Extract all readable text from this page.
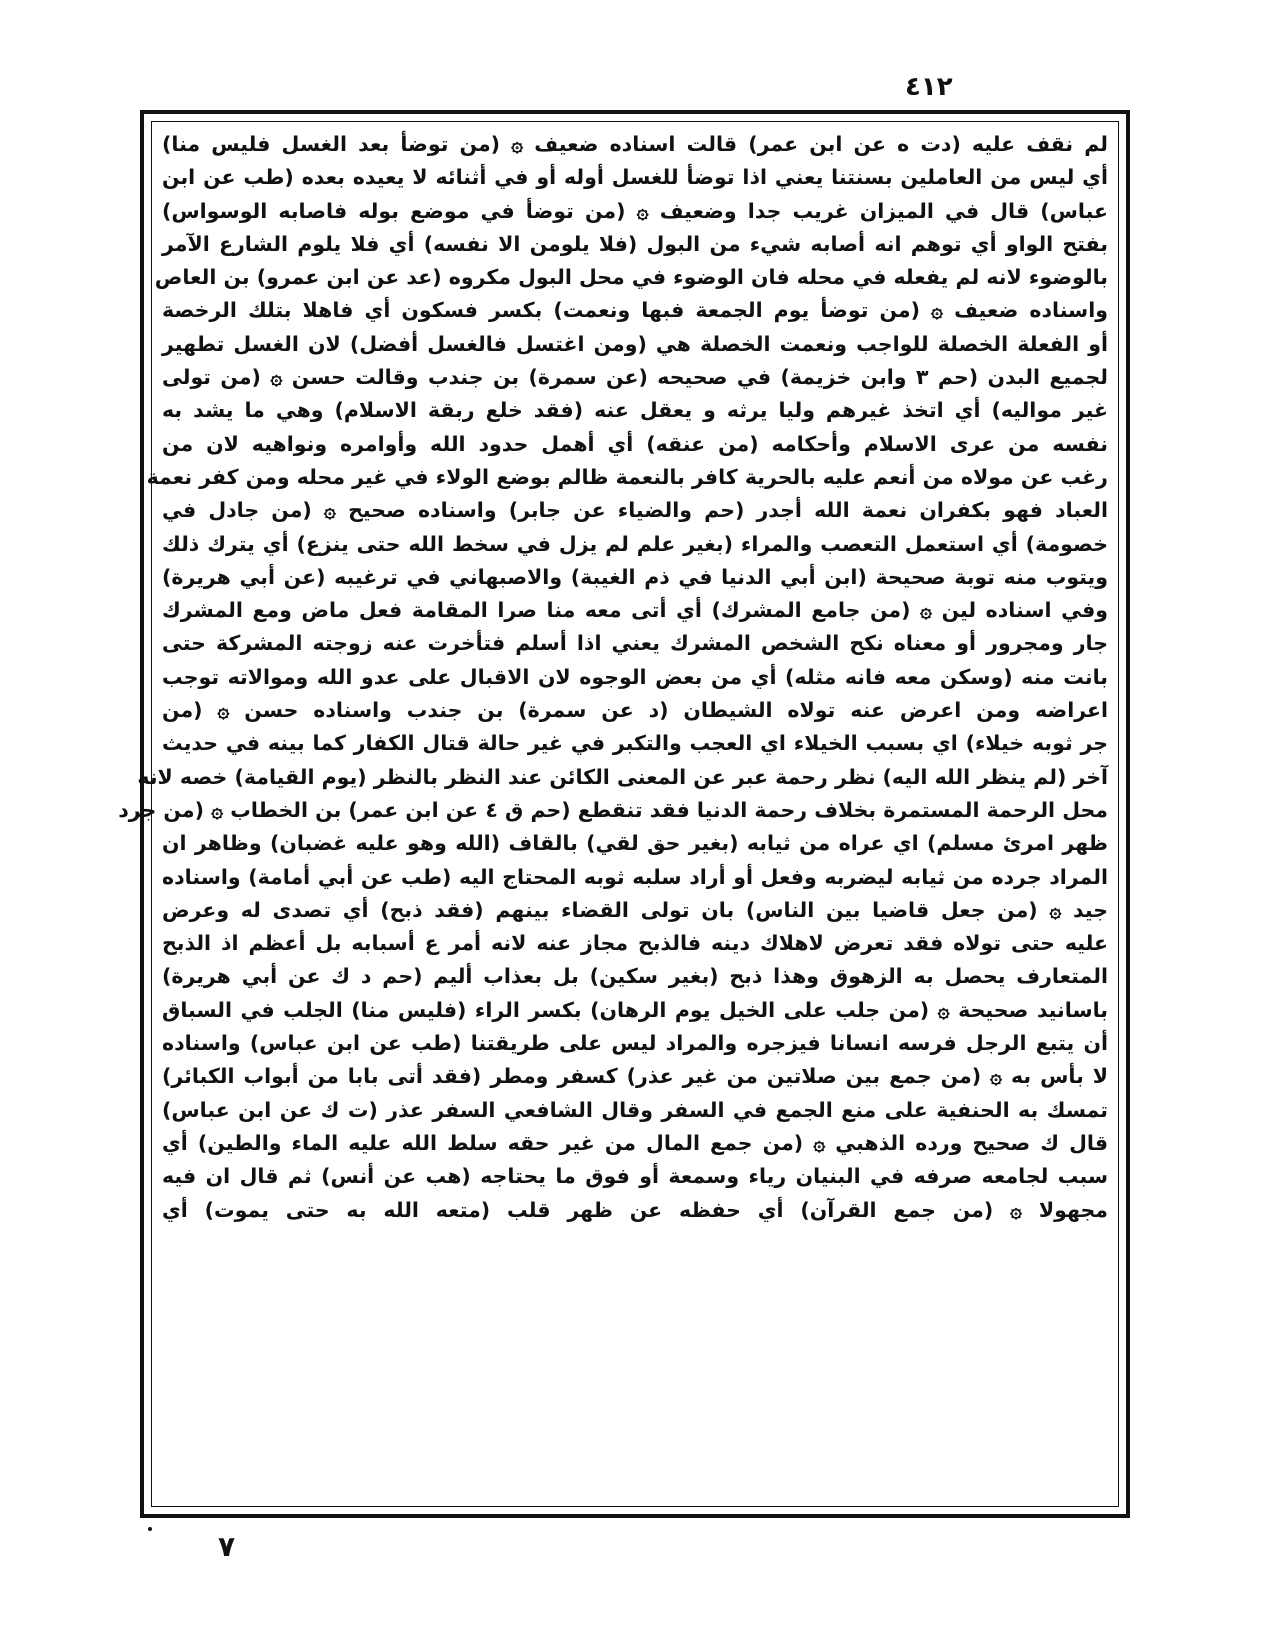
٤١٢
لم نقف عليه (دت ه عن ابن عمر) قالت اسناده ضعيف ۞ (من توضأ بعد الغسل فليس منا)
أي ليس من العاملين بسنتنا يعني اذا توضأ للغسل أوله أو في أثنائه لا يعيده بعده (طب عن ابن
عباس) قال في الميزان غريب جدا وضعيف ۞ (من توضأ في موضع بوله فاصابه الوسواس)
بفتح الواو أي توهم انه أصابه شيء من البول (فلا يلومن الا نفسه) أي فلا يلوم الشارع الآمر
بالوضوء لانه لم يفعله في محله فان الوضوء في محل البول مكروه (عد عن ابن عمرو) بن العاص
واسناده ضعيف ۞ (من توضأ يوم الجمعة فبها ونعمت) بكسر فسكون أي فاهلا بتلك الرخصة
أو الفعلة الخصلة للواجب ونعمت الخصلة هي (ومن اغتسل فالغسل أفضل) لان الغسل تطهير
لجميع البدن (حم ٣ وابن خزيمة) في صحيحه (عن سمرة) بن جندب وقالت حسن ۞ (من تولى
غير مواليه) أي اتخذ غيرهم وليا يرثه و يعقل عنه (فقد خلع ربقة الاسلام) وهي ما يشد به
نفسه من عرى الاسلام وأحكامه (من عنقه) أي أهمل حدود الله وأوامره ونواهيه لان من
رغب عن مولاه من أنعم عليه بالحرية كافر بالنعمة ظالم بوضع الولاء في غير محله ومن كفر نعمة
العباد فهو بكفران نعمة الله أجدر (حم والضياء عن جابر) واسناده صحيح ۞ (من جادل في
خصومة) أي استعمل التعصب والمراء (بغير علم لم يزل في سخط الله حتى ينزع) أي يترك ذلك
ويتوب منه توبة صحيحة (ابن أبي الدنيا في ذم الغيبة) والاصبهاني في ترغيبه (عن أبي هريرة)
وفي اسناده لين ۞ (من جامع المشرك) أي أتى معه منا صرا المقامة فعل ماض ومع المشرك
جار ومجرور أو معناه نكح الشخص المشرك يعني اذا أسلم فتأخرت عنه زوجته المشركة حتى
بانت منه (وسكن معه فانه مثله) أي من بعض الوجوه لان الاقبال على عدو الله وموالاته توجب
اعراضه ومن اعرض عنه تولاه الشيطان (د عن سمرة) بن جندب واسناده حسن ۞ (من
جر ثوبه خيلاء) اي بسبب الخيلاء اي العجب والتكبر في غير حالة قتال الكفار كما بينه في حديث
آخر (لم ينظر الله اليه) نظر رحمة عبر عن المعنى الكائن عند النظر بالنظر (يوم القيامة) خصه لانه
محل الرحمة المستمرة بخلاف رحمة الدنيا فقد تنقطع (حم ق ٤ عن ابن عمر) بن الخطاب ۞ (من جرد
ظهر امرئ مسلم) اي عراه من ثيابه (بغير حق لقي) بالقاف (الله وهو عليه غضبان) وظاهر ان
المراد جرده من ثيابه ليضربه وفعل أو أراد سلبه ثوبه المحتاج اليه (طب عن أبي أمامة) واسناده
جيد ۞ (من جعل قاضيا بين الناس) بان تولى القضاء بينهم (فقد ذبح) أي تصدى له وعرض
عليه حتى تولاه فقد تعرض لاهلاك دينه فالذبح مجاز عنه لانه أمر ع أسبابه بل أعظم اذ الذبح
المتعارف يحصل به الزهوق وهذا ذبح (بغير سكين) بل بعذاب أليم (حم د ك عن أبي هريرة)
باسانيد صحيحة ۞ (من جلب على الخيل يوم الرهان) بكسر الراء (فليس منا) الجلب في السباق
أن يتبع الرجل فرسه انسانا فيزجره والمراد ليس على طريقتنا (طب عن ابن عباس) واسناده
لا بأس به ۞ (من جمع بين صلاتين من غير عذر) كسفر ومطر (فقد أتى بابا من أبواب الكبائر)
تمسك به الحنفية على منع الجمع في السفر وقال الشافعي السفر عذر (ت ك عن ابن عباس)
قال ك صحيح ورده الذهبي ۞ (من جمع المال من غير حقه سلط الله عليه الماء والطين) أي
سبب لجامعه صرفه في البنيان رياء وسمعة أو فوق ما يحتاجه (هب عن أنس) ثم قال ان فيه
مجهولا ۞ (من جمع القرآن) أي حفظه عن ظهر قلب (متعه الله به حتى يموت) أي
٧
